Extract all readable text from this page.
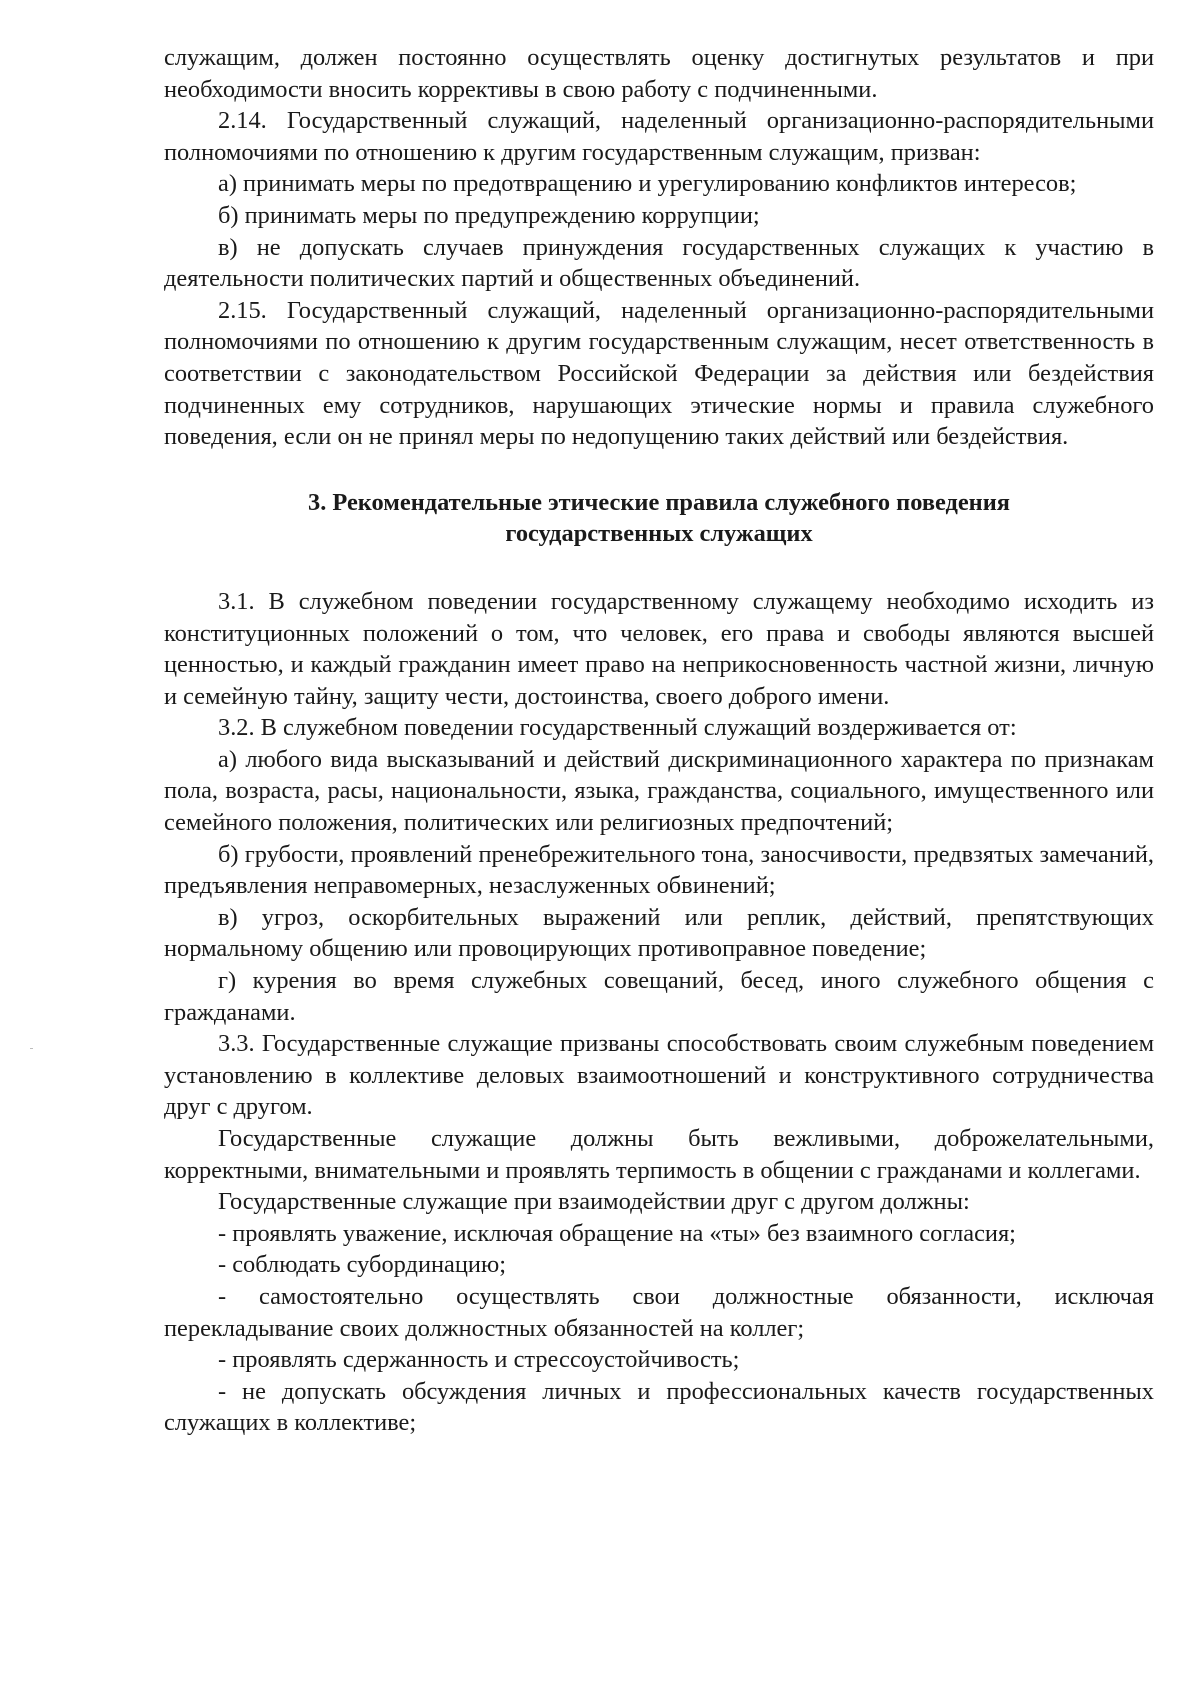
служащим, должен постоянно осуществлять оценку достигнутых результатов и при необходимости вносить коррективы в свою работу с подчиненными.

2.14. Государственный служащий, наделенный организационно-распорядительными полномочиями по отношению к другим государственным служащим, призван:

а) принимать меры по предотвращению и урегулированию конфликтов интересов;

б) принимать меры по предупреждению коррупции;

в) не допускать случаев принуждения государственных служащих к участию в деятельности политических партий и общественных объединений.

2.15. Государственный служащий, наделенный организационно-распорядительными полномочиями по отношению к другим государственным служащим, несет ответственность в соответствии с законодательством Российской Федерации за действия или бездействия подчиненных ему сотрудников, нарушающих этические нормы и правила служебного поведения, если он не принял меры по недопущению таких действий или бездействия.

3. Рекомендательные этические правила служебного поведения

государственных служащих

3.1. В служебном поведении государственному служащему необходимо исходить из конституционных положений о том, что человек, его права и свободы являются высшей ценностью, и каждый гражданин имеет право на неприкосновенность частной жизни, личную и семейную тайну, защиту чести, достоинства, своего доброго имени.

3.2. В служебном поведении государственный служащий воздерживается от:

а) любого вида высказываний и действий дискриминационного характера по признакам пола, возраста, расы, национальности, языка, гражданства, социального, имущественного или семейного положения, политических или религиозных предпочтений;

б) грубости, проявлений пренебрежительного тона, заносчивости, предвзятых замечаний, предъявления неправомерных, незаслуженных обвинений;

в) угроз, оскорбительных выражений или реплик, действий, препятствующих нормальному общению или провоцирующих противоправное поведение;

г) курения во время служебных совещаний, бесед, иного служебного общения с гражданами.

3.3. Государственные служащие призваны способствовать своим служебным поведением установлению в коллективе деловых взаимоотношений и конструктивного сотрудничества друг с другом.

Государственные служащие должны быть вежливыми, доброжелательными, корректными, внимательными и проявлять терпимость в общении с гражданами и коллегами.

Государственные служащие при взаимодействии друг с другом должны:

- проявлять уважение, исключая обращение на «ты» без взаимного согласия;

- соблюдать субординацию;

- самостоятельно осуществлять свои должностные обязанности, исключая перекладывание своих должностных обязанностей на коллег;

- проявлять сдержанность и стрессоустойчивость;

- не допускать обсуждения личных и профессиональных качеств государственных служащих в коллективе;
